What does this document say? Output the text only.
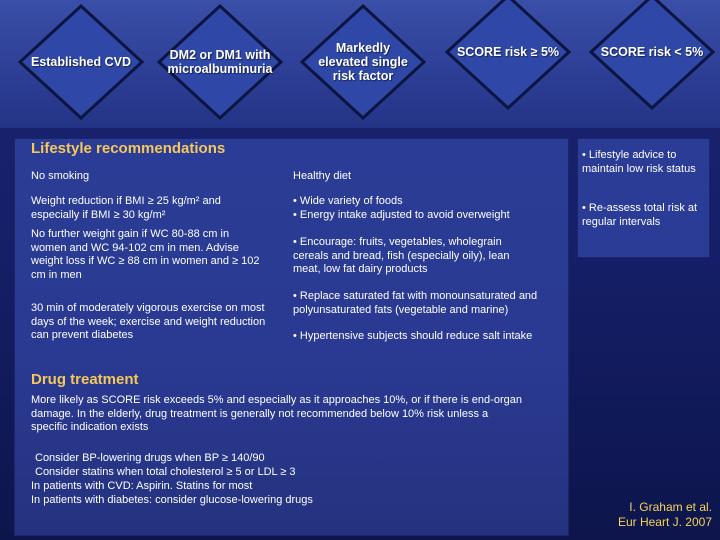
Established CVD	DM2 or DM1 with microalbuminuria
Markedly elevated single risk factor
SCORE risk ≥ 5%	SCORE risk < 5%
Lifestyle recommendations
No smoking
Weight reduction if BMI ≥ 25 kg/m² and especially if BMI ≥ 30 kg/m²
No further weight gain if WC 80-88 cm in women and WC 94-102 cm in men. Advise weight loss if WC ≥ 88 cm in women and ≥ 102 cm in men
30 min of moderately vigorous exercise on most days of the week; exercise and weight reduction can prevent diabetes
Healthy diet
• Wide variety of foods
• Energy intake adjusted to avoid overweight
• Encourage: fruits, vegetables, wholegrain cereals and bread, fish (especially oily), lean meat, low fat dairy products
• Replace saturated fat with monounsaturated and polyunsaturated fats (vegetable and marine)
• Hypertensive subjects should reduce salt intake
Drug treatment
More likely as SCORE risk exceeds 5% and especially as it approaches 10%, or if there is end-organ damage. In the elderly, drug treatment is generally not recommended below 10% risk unless a specific indication exists
Consider BP-lowering drugs when BP ≥ 140/90
Consider statins when total cholesterol ≥ 5 or LDL ≥ 3
In patients with CVD: Aspirin. Statins for most
In patients with diabetes: consider glucose-lowering drugs
• Lifestyle advice to maintain low risk status
• Re-assess total risk at regular intervals
I. Graham et al.
Eur Heart J. 2007
